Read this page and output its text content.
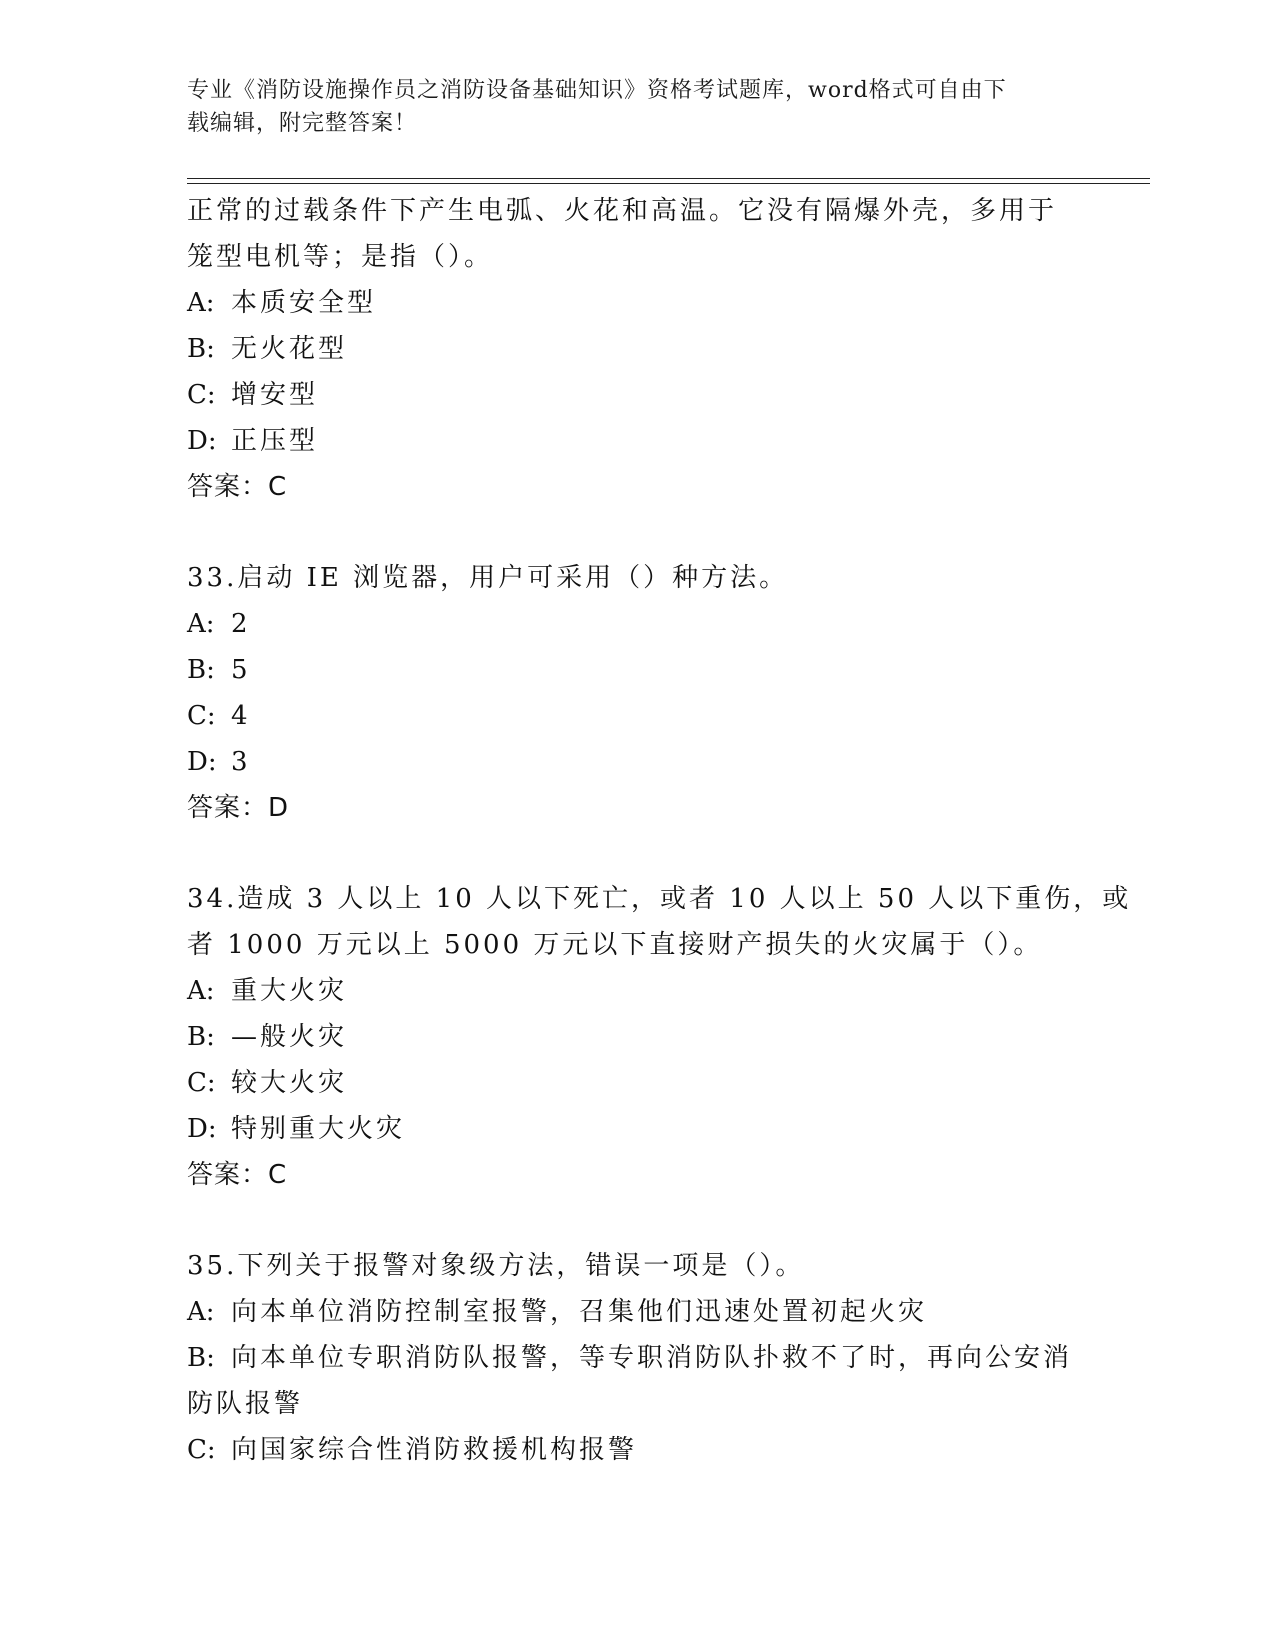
专业《消防设施操作员之消防设备基础知识》资格考试题库，word格式可自由下
载编辑，附完整答案！
正常的过载条件下产生电弧、火花和高温。它没有隔爆外壳，多用于
笼型电机等；是指（）。
A: 本质安全型
B: 无火花型
C: 增安型
D: 正压型
答案：C
33.启动 IE 浏览器，用户可采用（）种方法。
A: 2
B: 5
C: 4
D: 3
答案：D
34.造成 3 人以上 10 人以下死亡，或者 10 人以上 50 人以下重伤，或
者 1000 万元以上 5000 万元以下直接财产损失的火灾属于（）。
A: 重大火灾
B: —般火灾
C: 较大火灾
D: 特别重大火灾
答案：C
35.下列关于报警对象级方法，错误一项是（）。
A: 向本单位消防控制室报警，召集他们迅速处置初起火灾
B: 向本单位专职消防队报警，等专职消防队扑救不了时，再向公安消
防队报警
C: 向国家综合性消防救援机构报警
